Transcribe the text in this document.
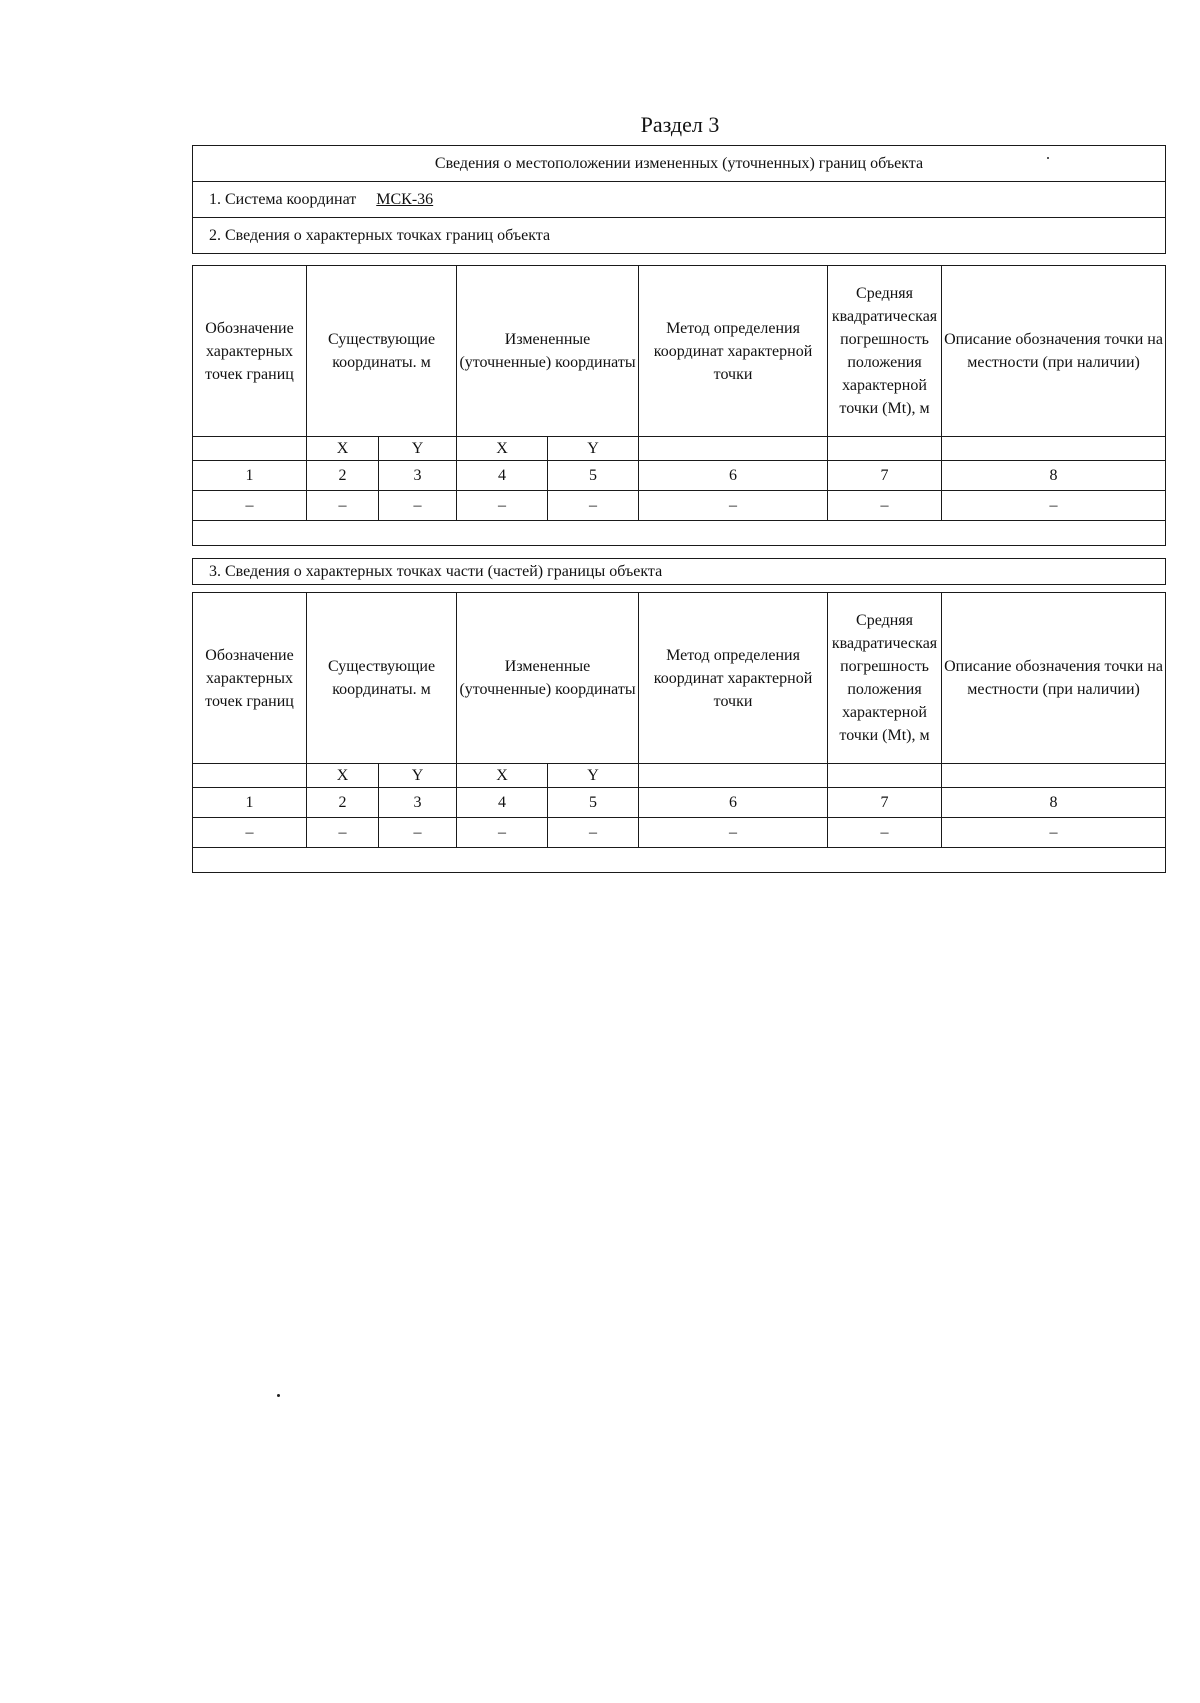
Раздел 3
Сведения о местоположении измененных (уточненных) границ объекта
1. Система координат МСК-36
2. Сведения о характерных точках границ объекта
Обозначение характерных точек границ	Существующие координаты. м		Измененные (уточненные) координаты		Метод определения координат характерной точки	Средняя квадратическая погрешность положения характерной точки (Mt), м	Описание обозначения точки на местности (при наличии)
	X	Y	X	Y			
1	2	3	4	5	6	7	8
–	–	–	–	–	–	–	–

3. Сведения о характерных точках части (частей) границы объекта
Обозначение характерных точек границ	Существующие координаты. м		Измененные (уточненные) координаты		Метод определения координат характерной точки	Средняя квадратическая погрешность положения характерной точки (Mt), м	Описание обозначения точки на местности (при наличии)
	X	Y	X	Y			
1	2	3	4	5	6	7	8
–	–	–	–	–	–	–	–
